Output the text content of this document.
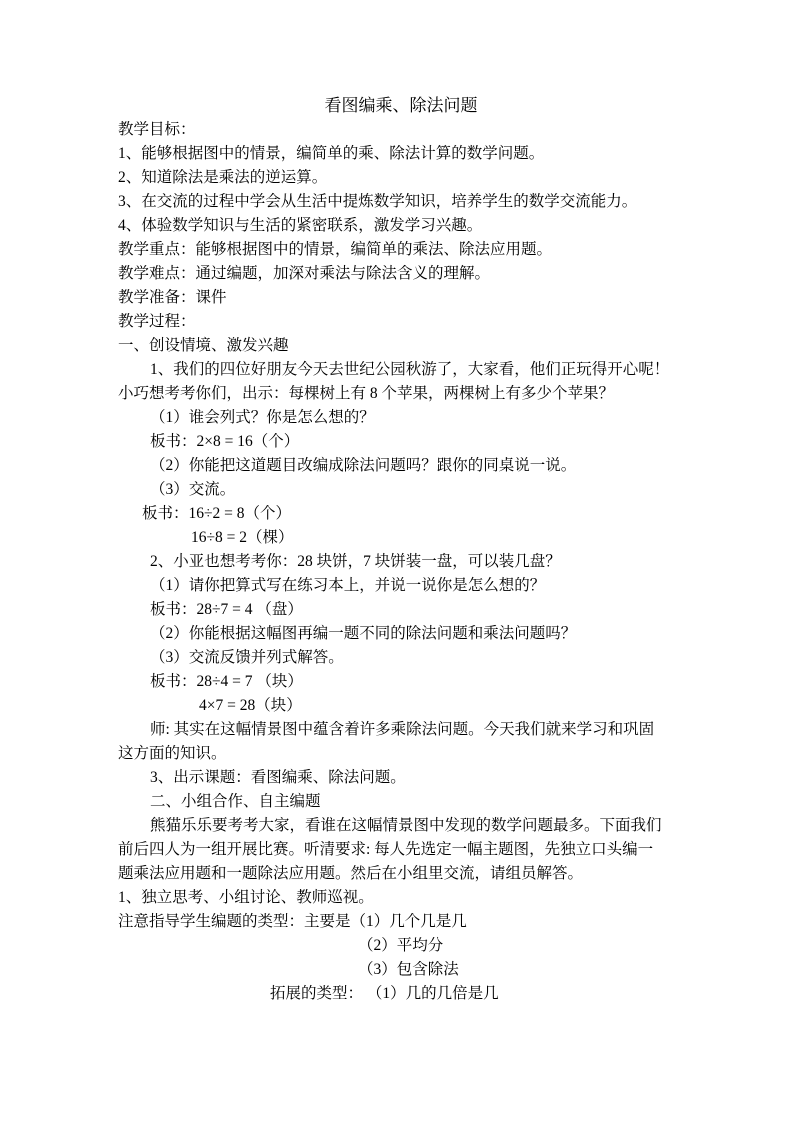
看图编乘、除法问题

教学目标：

1、能够根据图中的情景，编简单的乘、除法计算的数学问题。

2、知道除法是乘法的逆运算。

3、在交流的过程中学会从生活中提炼数学知识，培养学生的数学交流能力。

4、体验数学知识与生活的紧密联系，激发学习兴趣。

教学重点：能够根据图中的情景，编简单的乘法、除法应用题。

教学难点：通过编题，加深对乘法与除法含义的理解。

教学准备：课件

教学过程：

一、创设情境、激发兴趣

1、我们的四位好朋友今天去世纪公园秋游了，大家看，他们正玩得开心呢！

小巧想考考你们，出示：每棵树上有 8 个苹果，两棵树上有多少个苹果？

（1）谁会列式？你是怎么想的？

板书：2×8 = 16（个）

（2）你能把这道题目改编成除法问题吗？跟你的同桌说一说。

（3）交流。

板书：16÷2 = 8（个）

16÷8 = 2（棵）

2、小亚也想考考你：28 块饼，7 块饼装一盘，可以装几盘？

（1）请你把算式写在练习本上，并说一说你是怎么想的？

板书：28÷7 = 4 （盘）

（2）你能根据这幅图再编一题不同的除法问题和乘法问题吗？

（3）交流反馈并列式解答。

板书：28÷4 = 7 （块）

4×7 = 28（块）

师: 其实在这幅情景图中蕴含着许多乘除法问题。今天我们就来学习和巩固

这方面的知识。

3、出示课题：看图编乘、除法问题。

二、小组合作、自主编题

熊猫乐乐要考考大家，看谁在这幅情景图中发现的数学问题最多。下面我们

前后四人为一组开展比赛。听清要求: 每人先选定一幅主题图，先独立口头编一

题乘法应用题和一题除法应用题。然后在小组里交流，请组员解答。

1、独立思考、小组讨论、教师巡视。

注意指导学生编题的类型：主要是（1）几个几是几

（2）平均分

（3）包含除法

拓展的类型： （1）几的几倍是几
